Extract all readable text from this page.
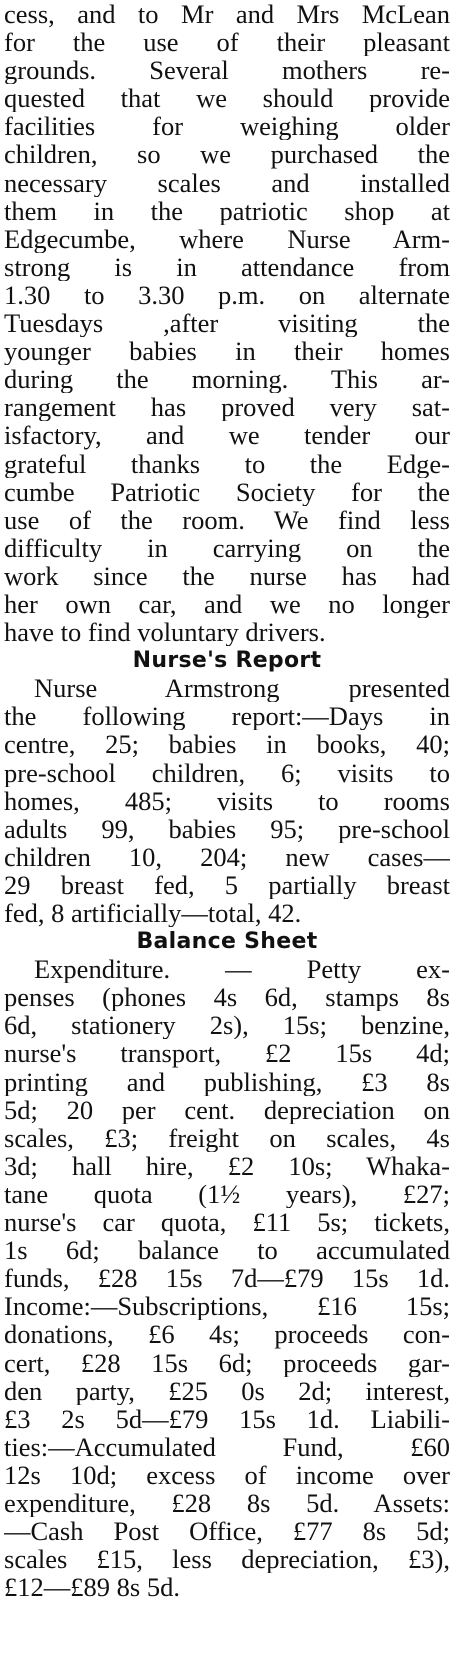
cess, and to Mr and Mrs McLean
for the use of their pleasant
grounds. Several mothers re-
quested that we should provide
facilities for weighing older
children, so we purchased the
necessary scales and installed
them in the patriotic shop at
Edgecumbe, where Nurse Arm-
strong is in attendance from
1.30 to 3.30 p.m. on alternate
Tuesdays ,after visiting the
younger babies in their homes
during the morning. This ar-
rangement has proved very sat-
isfactory, and we tender our
grateful thanks to the Edge-
cumbe Patriotic Society for the
use of the room. We find less
difficulty in carrying on the
work since the nurse has had
her own car, and we no longer
have to find voluntary drivers.
Nurse's Report
Nurse Armstrong presented
the following report:—Days in
centre, 25; babies in books, 40;
pre-school children, 6; visits to
homes, 485; visits to rooms
adults 99, babies 95; pre-school
children 10, 204; new cases—
29 breast fed, 5 partially breast
fed, 8 artificially—total, 42.
Balance Sheet
Expenditure. — Petty ex-
penses (phones 4s 6d, stamps 8s
6d, stationery 2s), 15s; benzine,
nurse's transport, £2 15s 4d;
printing and publishing, £3 8s
5d; 20 per cent. depreciation on
scales, £3; freight on scales, 4s
3d; hall hire, £2 10s; Whaka-
tane quota (1½ years), £27;
nurse's car quota, £11 5s; tickets,
1s 6d; balance to accumulated
funds, £28 15s 7d—£79 15s 1d.
Income:—Subscriptions, £16 15s;
donations, £6 4s; proceeds con-
cert, £28 15s 6d; proceeds gar-
den party, £25 0s 2d; interest,
£3 2s 5d—£79 15s 1d. Liabili-
ties:—Accumulated Fund, £60
12s 10d; excess of income over
expenditure, £28 8s 5d. Assets:
—Cash Post Office, £77 8s 5d;
scales £15, less depreciation, £3),
£12—£89 8s 5d.
